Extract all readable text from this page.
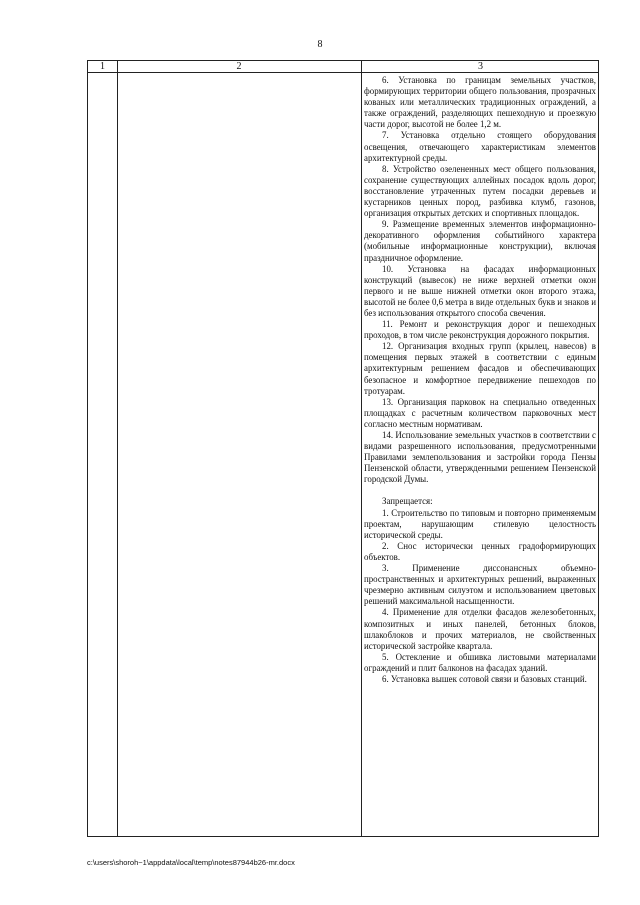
8
1	2	3

6. Установка по границам земельных участков, формирующих территории общего пользования, прозрачных кованых или металлических традиционных ограждений, а также ограждений, разделяющих пешеходную и проезжую части дорог, высотой не более 1,2 м.

7. Установка отдельно стоящего оборудования освещения, отвечающего характеристикам элементов архитектурной среды.

8. Устройство озелененных мест общего пользования, сохранение существующих аллейных посадок вдоль дорог, восстановление утраченных путем посадки деревьев и кустарников ценных пород, разбивка клумб, газонов, организация открытых детских и спортивных площадок.

9. Размещение временных элементов информационно-декоративного оформления событийного характера (мобильные информационные конструкции), включая праздничное оформление.

10. Установка на фасадах информационных конструкций (вывесок) не ниже верхней отметки окон первого и не выше нижней отметки окон второго этажа, высотой не более 0,6 метра в виде отдельных букв и знаков и без использования открытого способа свечения.

11. Ремонт и реконструкция дорог и пешеходных проходов, в том числе реконструкция дорожного покрытия.

12. Организация входных групп (крылец, навесов) в помещения первых этажей в соответствии с единым архитектурным решением фасадов и обеспечивающих безопасное и комфортное передвижение пешеходов по тротуарам.

13. Организация парковок на специально отведенных площадках с расчетным количеством парковочных мест согласно местным нормативам.

14. Использование земельных участков в соответствии с видами разрешенного использования, предусмотренными Правилами землепользования и застройки города Пензы Пензенской области, утвержденными решением Пензенской городской Думы.

Запрещается:

1. Строительство по типовым и повторно применяемым проектам, нарушающим стилевую целостность исторической среды.

2. Снос исторически ценных градоформирующих объектов.

3. Применение диссонансных объемно-пространственных и архитектурных решений, выраженных чрезмерно активным силуэтом и использованием цветовых решений максимальной насыщенности.

4. Применение для отделки фасадов железобетонных, композитных и иных панелей, бетонных блоков, шлакоблоков и прочих материалов, не свойственных исторической застройке квартала.

5. Остекление и обшивка листовыми материалами ограждений и плит балконов на фасадах зданий.

6. Установка вышек сотовой связи и базовых станций.

c:\users\shoroh~1\appdata\local\temp\notes87944b26-mr.docx
